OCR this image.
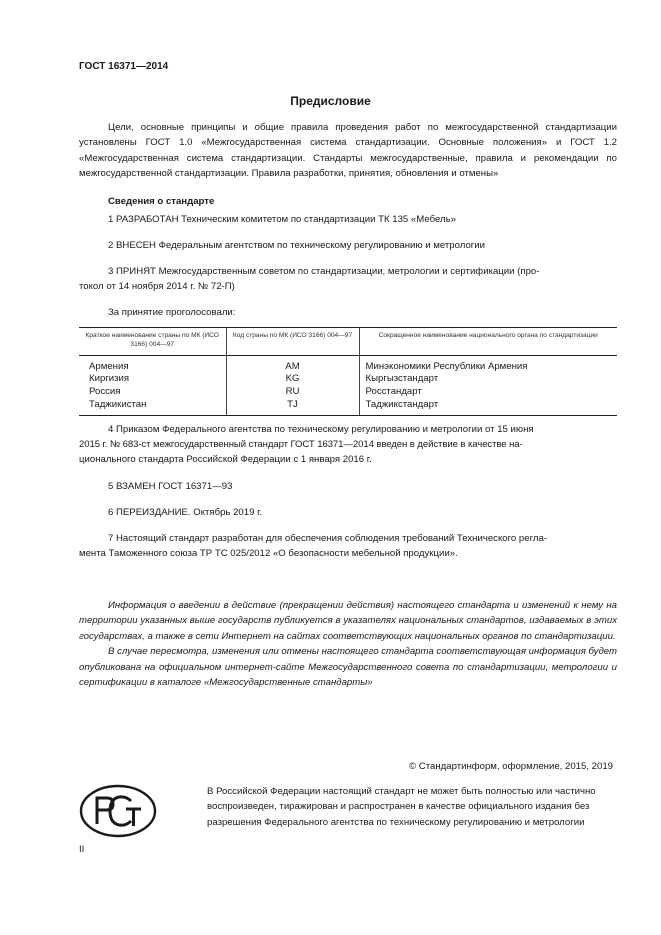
ГОСТ 16371—2014
Предисловие
Цели, основные принципы и общие правила проведения работ по межгосударственной стандартизации установлены ГОСТ 1.0 «Межгосударственная система стандартизации. Основные положения» и ГОСТ 1.2 «Межгосударственная система стандартизации. Стандарты межгосударственные, правила и рекомендации по межгосударственной стандартизации. Правила разработки, принятия, обновления и отмены»
Сведения о стандарте
1 РАЗРАБОТАН Техническим комитетом по стандартизации ТК 135 «Мебель»
2 ВНЕСЕН Федеральным агентством по техническому регулированию и метрологии
3 ПРИНЯТ Межгосударственным советом по стандартизации, метрологии и сертификации (про-
токол от 14 ноября 2014 г. № 72-П)
За принятие проголосовали:
Краткое наименование страны по МК (ИСО 3166) 004—97	Код страны по МК (ИСО 3166) 004—97	Сокращенное наименование национального органа по стандартизации
Армения	AM	Минэкономики Республики Армения
Киргизия	KG	Кыргызстандарт
Россия	RU	Росстандарт
Таджикистан	TJ	Таджикстандарт
4 Приказом Федерального агентства по техническому регулированию и метрологии от 15 июня
2015 г. № 683-ст межгосударственный стандарт ГОСТ 16371—2014 введен в действие в качестве на-
ционального стандарта Российской Федерации с 1 января 2016 г.
5 ВЗАМЕН ГОСТ 16371—93
6 ПЕРЕИЗДАНИЕ. Октябрь 2019 г.
7 Настоящий стандарт разработан для обеспечения соблюдения требований Технического регла-
мента Таможенного союза ТР ТС 025/2012 «О безопасности мебельной продукции».

Информация о введении в действие (прекращении действия) настоящего стандарта и изменений к нему на территории указанных выше государств публикуется в указателях национальных стандартов, издаваемых в этих государствах, а также в сети Интернет на сайтах соответствующих национальных органов по стандартизации.

В случае пересмотра, изменения или отмены настоящего стандарта соответствующая информация будет опубликована на официальном интернет-сайте Межгосударственного совета по стандартизации, метрологии и сертификации в каталоге «Межгосударственные стандарты»

© Стандартинформ, оформление, 2015, 2019
В Российской Федерации настоящий стандарт не может быть полностью или частично воспроизведен, тиражирован и распространен в качестве официального издания без разрешения Федерального агентства по техническому регулированию и метрологии
II
